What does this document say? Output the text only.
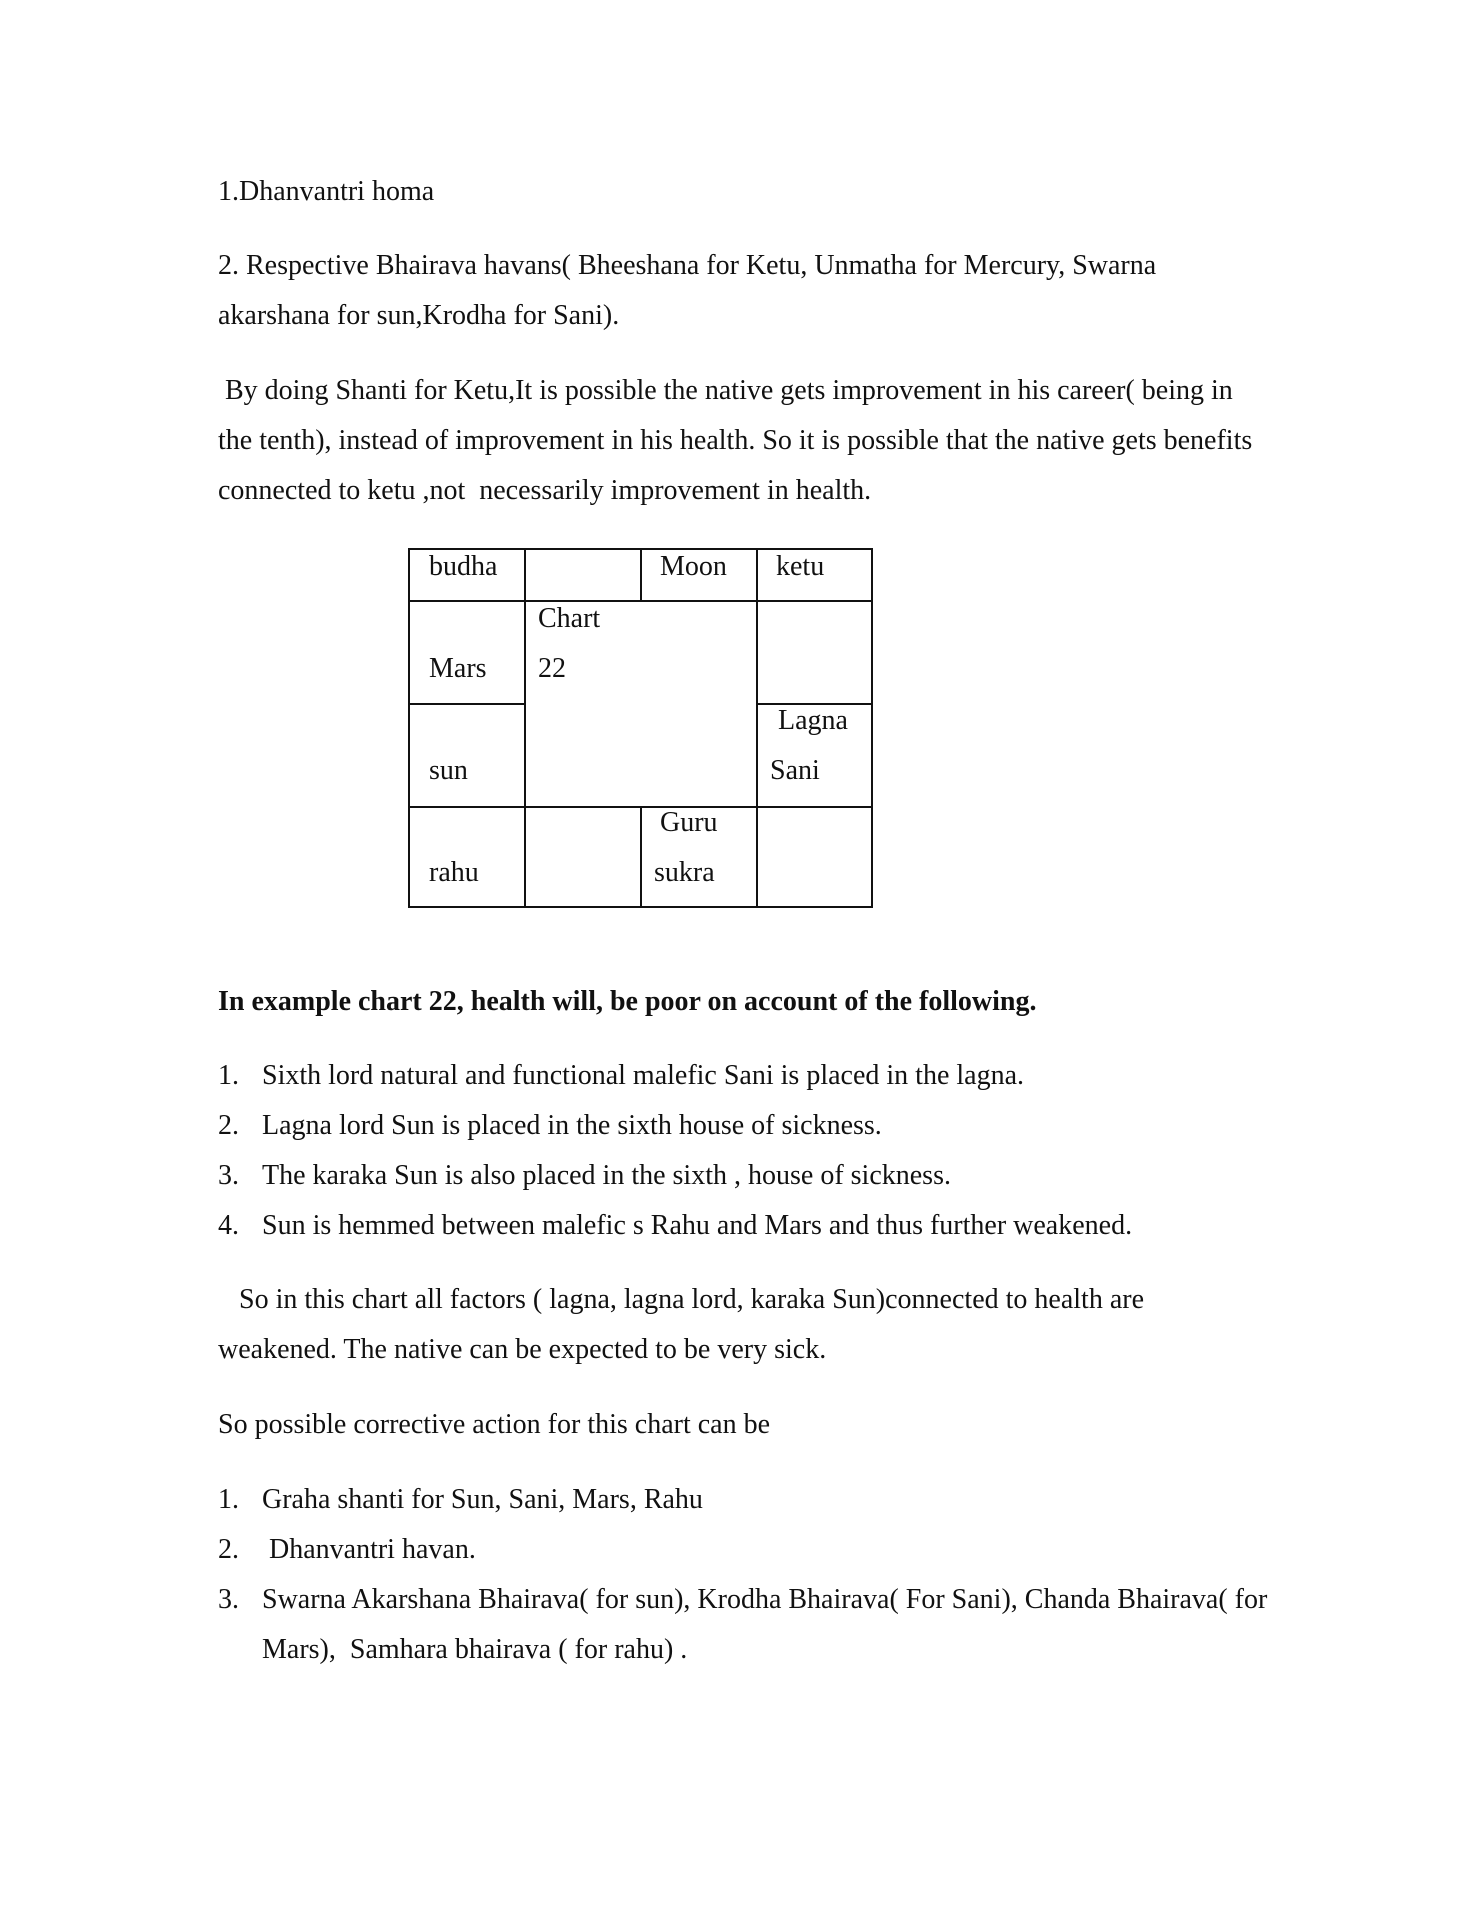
1.Dhanvantri homa
2. Respective Bhairava havans( Bheeshana for Ketu, Unmatha for Mercury, Swarna
akarshana for sun,Krodha for Sani).
By doing Shanti for Ketu,It is possible the native gets improvement in his career( being in
the tenth), instead of improvement in his health. So it is possible that the native gets benefits
connected to ketu ,not  necessarily improvement in health.
budha	Moon ketu
Chart
22
Mars
Lagna
Sani
sun
Guru
sukra
rahu
In example chart 22, health will, be poor on account of the following.
1. Sixth lord natural and functional malefic Sani is placed in the lagna.
2. Lagna lord Sun is placed in the sixth house of sickness.
3. The karaka Sun is also placed in the sixth , house of sickness.
4. Sun is hemmed between malefic s Rahu and Mars and thus further weakened.
So in this chart all factors ( lagna, lagna lord, karaka Sun)connected to health are
weakened. The native can be expected to be very sick.
So possible corrective action for this chart can be
1. Graha shanti for Sun, Sani, Mars, Rahu
2. Dhanvantri havan.
3. Swarna Akarshana Bhairava( for sun), Krodha Bhairava( For Sani), Chanda Bhairava( for
Mars),  Samhara bhairava ( for rahu) .
